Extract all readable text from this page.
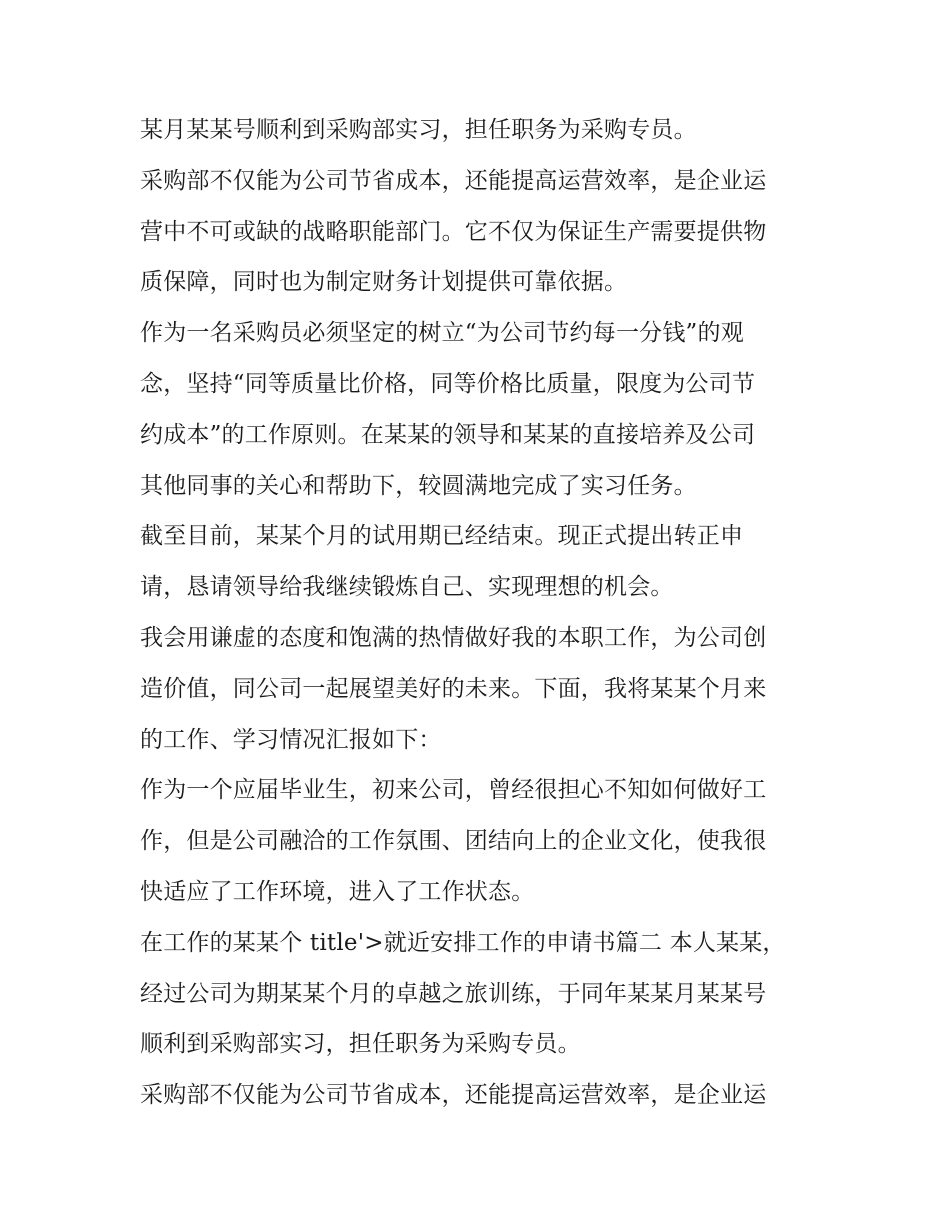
某月某某号顺利到采购部实习，担任职务为采购专员。
采购部不仅能为公司节省成本，还能提高运营效率，是企业运
营中不可或缺的战略职能部门。它不仅为保证生产需要提供物
质保障，同时也为制定财务计划提供可靠依据。
作为一名采购员必须坚定的树立“为公司节约每一分钱”的观
念，坚持“同等质量比价格，同等价格比质量，限度为公司节
约成本”的工作原则。在某某的领导和某某的直接培养及公司
其他同事的关心和帮助下，较圆满地完成了实习任务。
截至目前，某某个月的试用期已经结束。现正式提出转正申
请，恳请领导给我继续锻炼自己、实现理想的机会。
我会用谦虚的态度和饱满的热情做好我的本职工作，为公司创
造价值，同公司一起展望美好的未来。下面，我将某某个月来
的工作、学习情况汇报如下：
作为一个应届毕业生，初来公司，曾经很担心不知如何做好工
作，但是公司融洽的工作氛围、团结向上的企业文化，使我很
快适应了工作环境，进入了工作状态。
在工作的某某个 title'>就近安排工作的申请书篇二 本人某某，
经过公司为期某某个月的卓越之旅训练，于同年某某月某某号
顺利到采购部实习，担任职务为采购专员。
采购部不仅能为公司节省成本，还能提高运营效率，是企业运
